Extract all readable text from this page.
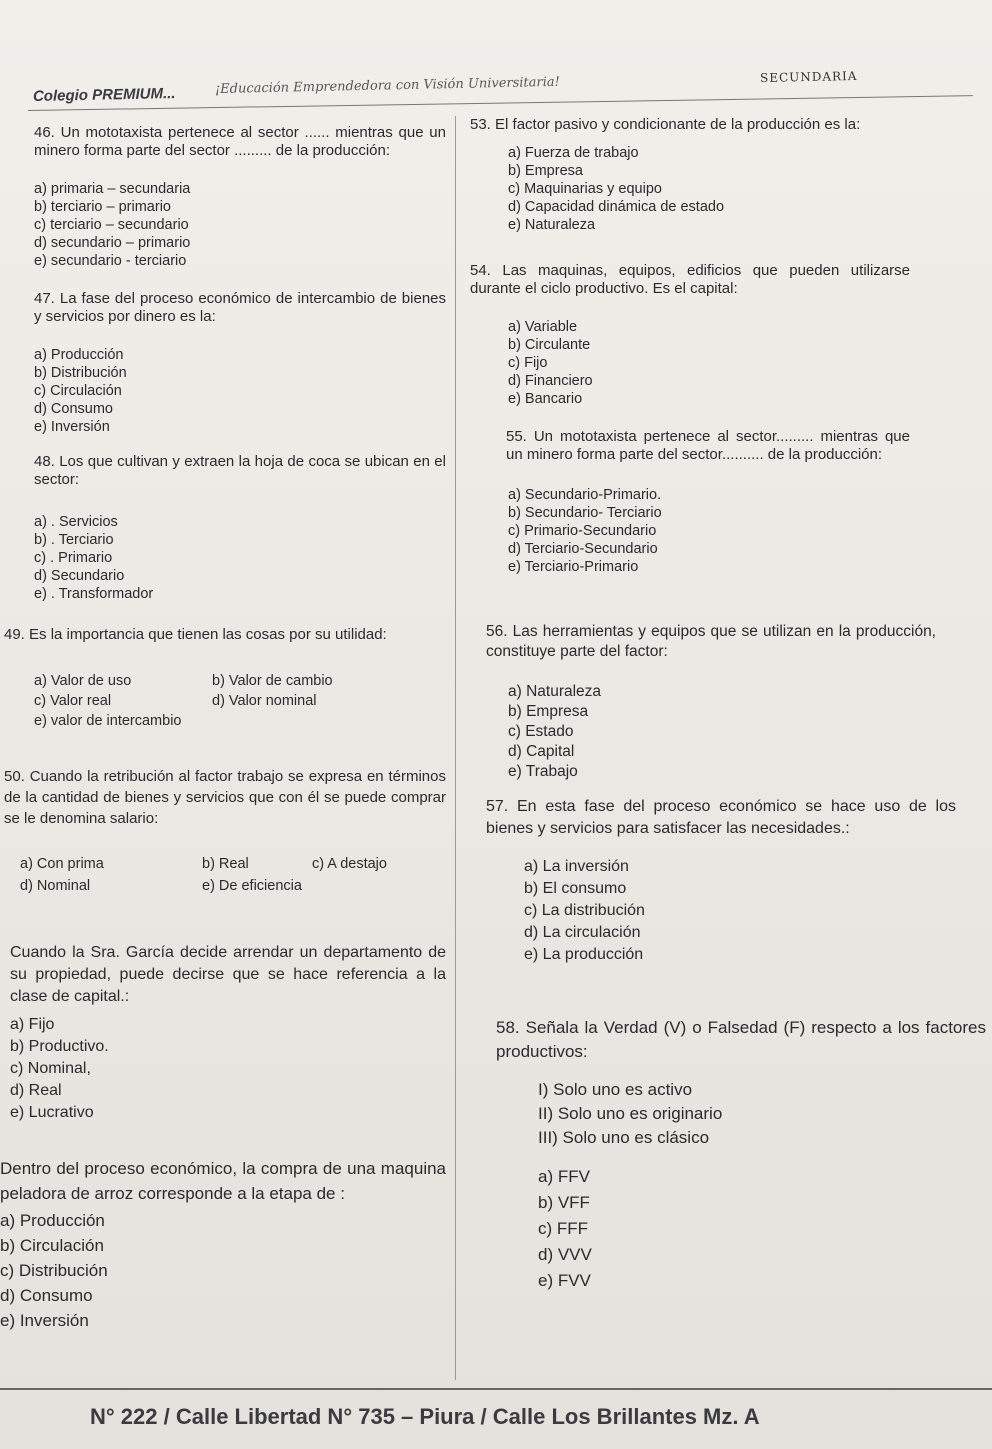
Colegio PREMIUM...	¡Educación Emprendedora con Visión Universitaria!	SECUNDARIA

46. Un mototaxista pertenece al sector ...... mientras que un minero forma parte del sector ......... de la producción:

a) primaria – secundaria

b) terciario – primario

c) terciario – secundario

d) secundario – primario

e) secundario - terciario

47. La fase del proceso económico de intercambio de bienes y servicios por dinero es la:

a) Producción

b) Distribución

c) Circulación

d) Consumo

e) Inversión

48. Los que cultivan y extraen la hoja de coca se ubican en el sector:

a) . Servicios

b) . Terciario

c) . Primario

d) Secundario

e) . Transformador

49. Es la importancia que tienen las cosas por su utilidad:

a) Valor de uso	b) Valor de cambio

c) Valor real	d) Valor nominal

e) valor de intercambio

50. Cuando la retribución al factor trabajo se expresa en términos de la cantidad de bienes y servicios que con él se puede comprar se le denomina salario:

a) Con prima	b) Real	c) A destajo

d) Nominal	e) De eficiencia

Cuando la Sra. García decide arrendar un departamento de su propiedad, puede decirse que se hace referencia a la clase de capital.:

a) Fijo

b) Productivo.

c) Nominal,

d) Real

e) Lucrativo

Dentro del proceso económico, la compra de una maquina peladora de arroz corresponde a la etapa de :

a) Producción

b) Circulación

c) Distribución

d) Consumo

e) Inversión

53. El factor pasivo y condicionante de la producción es la:

a) Fuerza de trabajo

b) Empresa

c) Maquinarias y equipo

d) Capacidad dinámica de estado

e) Naturaleza

54. Las maquinas, equipos, edificios que pueden utilizarse durante el ciclo productivo. Es el capital:

a) Variable

b) Circulante

c) Fijo

d) Financiero

e) Bancario

55. Un mototaxista pertenece al sector......... mientras que un minero forma parte del sector.......... de la producción:

a) Secundario-Primario.

b) Secundario- Terciario

c) Primario-Secundario

d) Terciario-Secundario

e) Terciario-Primario

56. Las herramientas y equipos que se utilizan en la producción, constituye parte del factor:

a) Naturaleza

b) Empresa

c) Estado

d) Capital

e) Trabajo

57. En esta fase del proceso económico se hace uso de los bienes y servicios para satisfacer las necesidades.:

a) La inversión

b) El consumo

c) La distribución

d) La circulación

e) La producción

58. Señala la Verdad (V) o Falsedad (F) respecto a los factores productivos:

I) Solo uno es activo

II) Solo uno es originario

III) Solo uno es clásico

a) FFV

b) VFF

c) FFF

d) VVV

e) FVV

N° 222 / Calle Libertad N° 735 – Piura / Calle Los Brillantes Mz. A
